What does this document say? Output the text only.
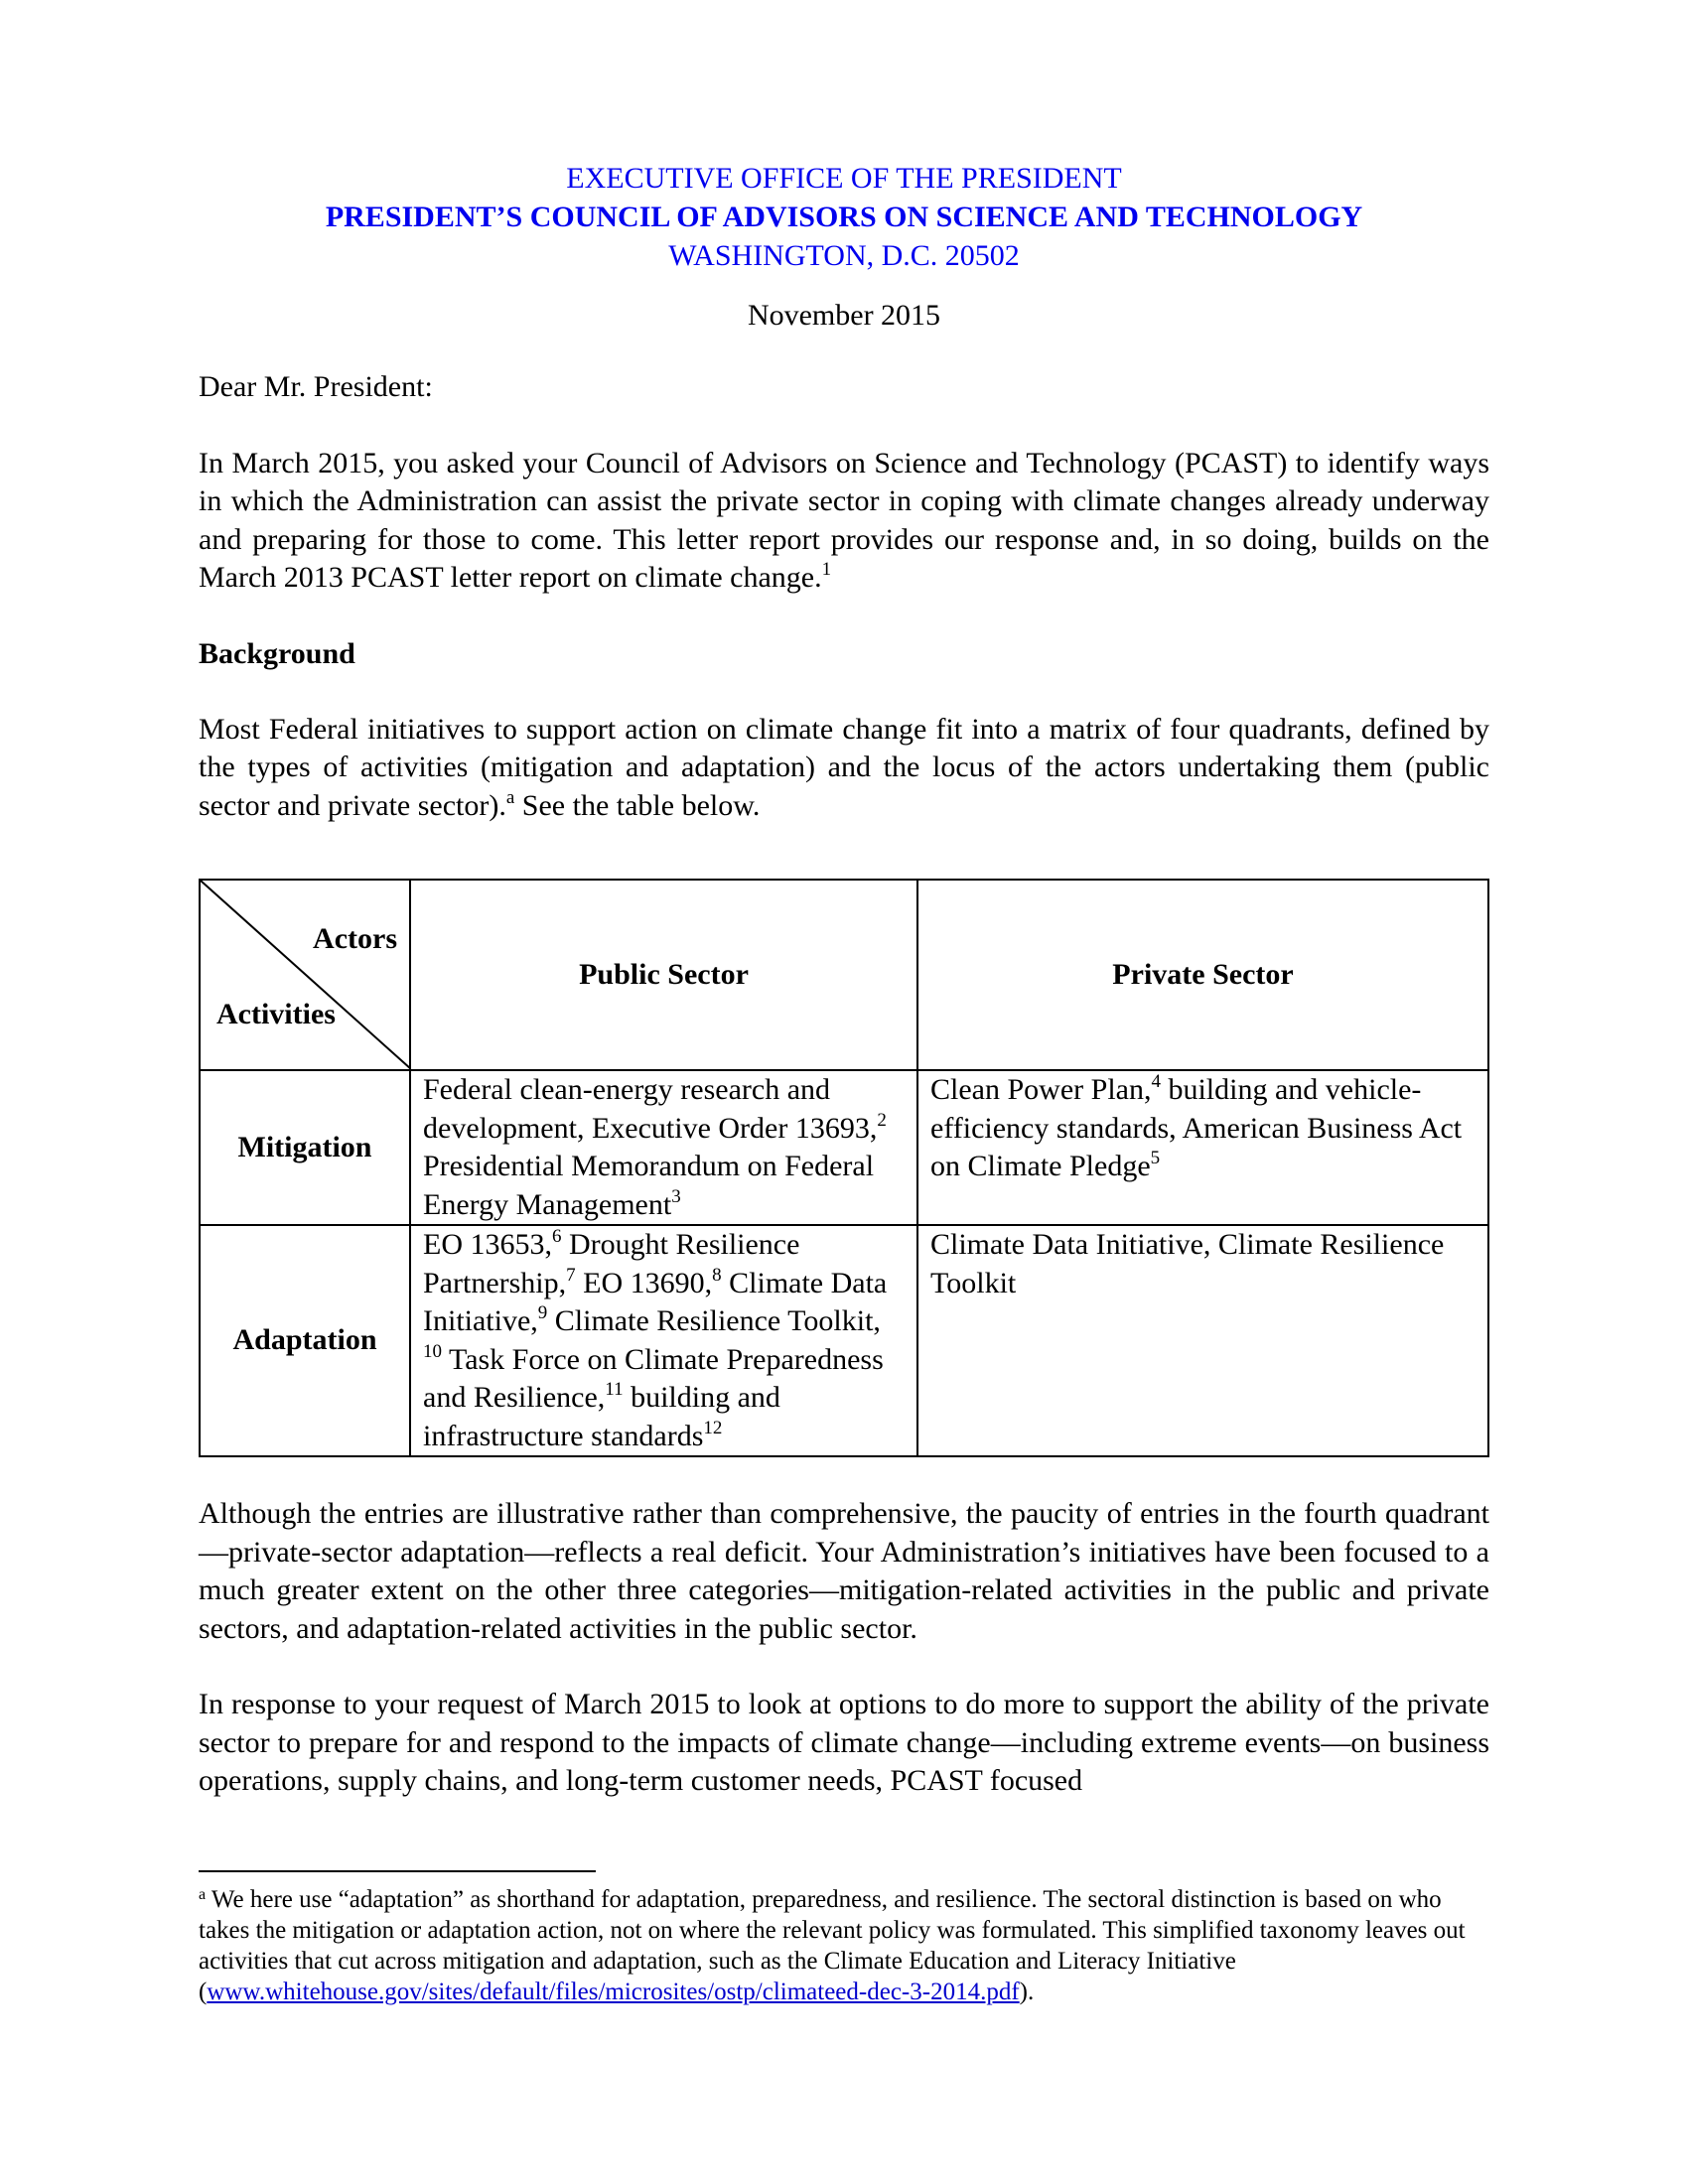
EXECUTIVE OFFICE OF THE PRESIDENT
PRESIDENT’S COUNCIL OF ADVISORS ON SCIENCE AND TECHNOLOGY
WASHINGTON, D.C. 20502
November 2015

Dear Mr. President:

In March 2015, you asked your Council of Advisors on Science and Technology (PCAST) to identify ways in which the Administration can assist the private sector in coping with climate changes already underway and preparing for those to come. This letter report provides our response and, in so doing, builds on the March 2013 PCAST letter report on climate change.$^1$

Background

Most Federal initiatives to support action on climate change fit into a matrix of four quadrants, defined by the types of activities (mitigation and adaptation) and the locus of the actors undertaking them (public sector and private sector).$^a$ See the table below.

Actors
Activities	Public Sector	Private Sector
Mitigation	Federal clean-energy research and development, Executive Order 13693,$^2$ Presidential Memorandum on Federal Energy Management$^3$	Clean Power Plan,$^4$ building and vehicle-efficiency standards, American Business Act on Climate Pledge$^5$
Adaptation	EO 13653,$^6$ Drought Resilience Partnership,$^7$ EO 13690,$^8$ Climate Data Initiative,$^9$ Climate Resilience Toolkit, $^{10}$ Task Force on Climate Preparedness and Resilience,$^{11}$ building and infrastructure standards$^{12}$	Climate Data Initiative, Climate Resilience Toolkit

Although the entries are illustrative rather than comprehensive, the paucity of entries in the fourth quadrant—private-sector adaptation—reflects a real deficit. Your Administration’s initiatives have been focused to a much greater extent on the other three categories—mitigation-related activities in the public and private sectors, and adaptation-related activities in the public sector.

In response to your request of March 2015 to look at options to do more to support the ability of the private sector to prepare for and respond to the impacts of climate change—including extreme events—on business operations, supply chains, and long-term customer needs, PCAST focused

$^a$ We here use “adaptation” as shorthand for adaptation, preparedness, and resilience. The sectoral distinction is based on who takes the mitigation or adaptation action, not on where the relevant policy was formulated. This simplified taxonomy leaves out activities that cut across mitigation and adaptation, such as the Climate Education and Literacy Initiative (www.whitehouse.gov/sites/default/files/microsites/ostp/climateed-dec-3-2014.pdf).
